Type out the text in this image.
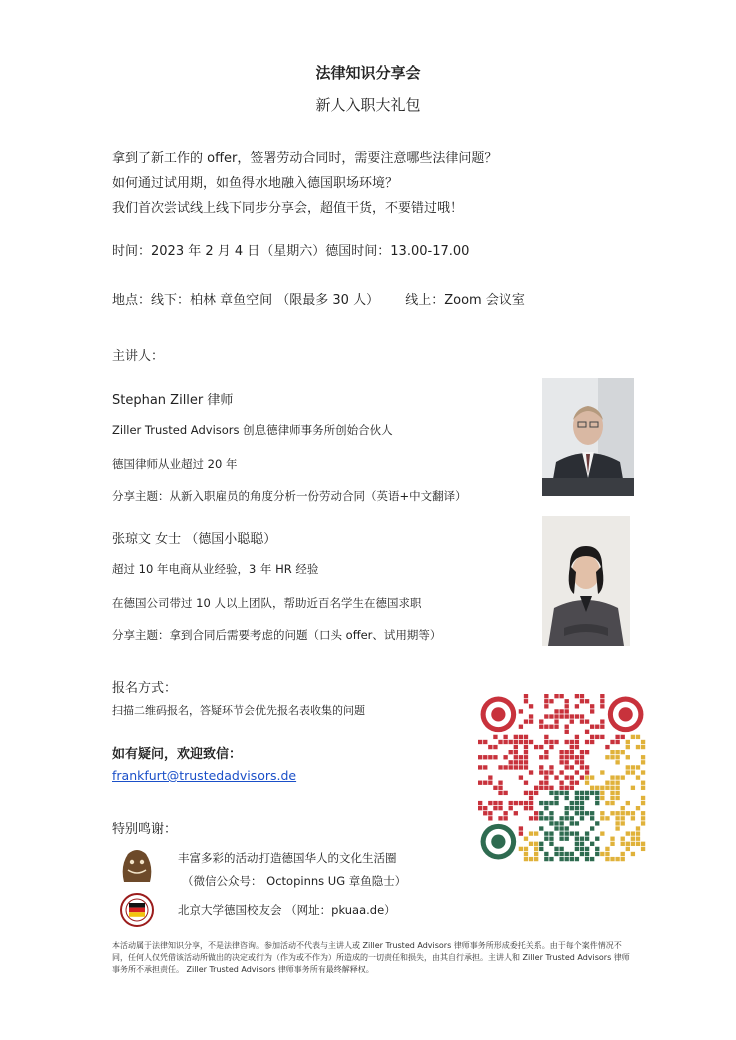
法律知识分享会
新人入职大礼包
拿到了新工作的 offer，签署劳动合同时，需要注意哪些法律问题？
如何通过试用期，如鱼得水地融入德国职场环境？
我们首次尝试线上线下同步分享会，超值干货，不要错过哦！
时间：2023 年 2 月 4 日（星期六）德国时间：13.00-17.00
地点：线下：柏林 章鱼空间 （限最多 30 人） 线上：Zoom 会议室
主讲人：
Stephan Ziller 律师
Ziller Trusted Advisors 创息德律师事务所创始合伙人
德国律师从业超过 20 年
分享主题：从新入职雇员的角度分析一份劳动合同（英语+中文翻译）
张琼文 女士 （德国小聪聪）
超过 10 年电商从业经验，3 年 HR 经验
在德国公司带过 10 人以上团队，帮助近百名学生在德国求职
分享主题：拿到合同后需要考虑的问题（口头 offer、试用期等）
报名方式：
扫描二维码报名，答疑环节会优先报名表收集的问题
如有疑问，欢迎致信：
frankfurt@trustedadvisors.de
特别鸣谢：
丰富多彩的活动打造德国华人的文化生活圈
（微信公众号： Octopinns UG 章鱼隐士）
北京大学德国校友会 （网址：pkuaa.de）
本活动属于法律知识分享，不是法律咨询。参加活动不代表与主讲人或 Ziller Trusted Advisors 律师事务所形成委托关系。由于每个案件情况不同，任何人仅凭借该活动所做出的决定或行为（作为或不作为）所造成的一切责任和损失，由其自行承担。主讲人和 Ziller Trusted Advisors 律师事务所不承担责任。 Ziller Trusted Advisors 律师事务所有最终解释权。
